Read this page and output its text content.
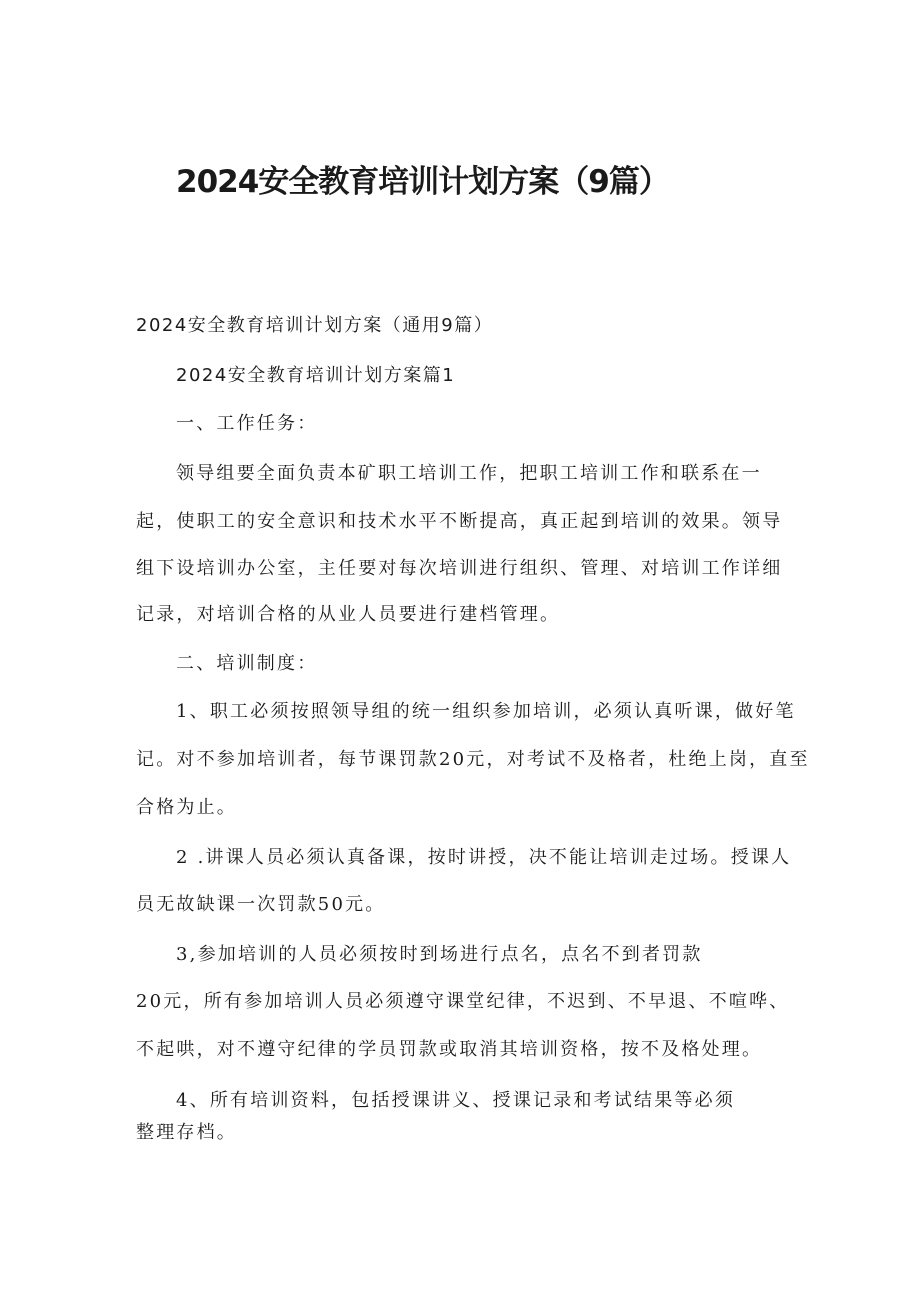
2024安全教育培训计划方案（9篇）
2024安全教育培训计划方案（通用9篇）
2024安全教育培训计划方案篇1
一、工作任务：
领导组要全面负责本矿职工培训工作，把职工培训工作和联系在一
起，使职工的安全意识和技术水平不断提高，真正起到培训的效果。领导
组下设培训办公室，主任要对每次培训进行组织、管理、对培训工作详细
记录，对培训合格的从业人员要进行建档管理。
二、培训制度：
1、职工必须按照领导组的统一组织参加培训，必须认真听课，做好笔
记。对不参加培训者，每节课罚款20元，对考试不及格者，杜绝上岗，直至
合格为止。
2 .讲课人员必须认真备课，按时讲授，决不能让培训走过场。授课人
员无故缺课一次罚款50元。
3,参加培训的人员必须按时到场进行点名，点名不到者罚款
20元，所有参加培训人员必须遵守课堂纪律，不迟到、不早退、不喧哗、
不起哄，对不遵守纪律的学员罚款或取消其培训资格，按不及格处理。
4、所有培训资料，包括授课讲义、授课记录和考试结果等必须
整理存档。
